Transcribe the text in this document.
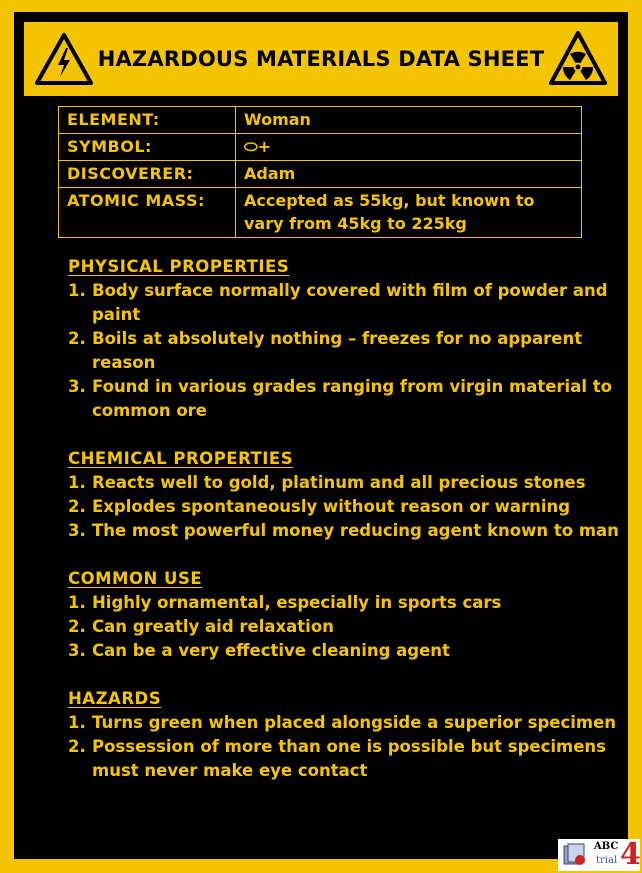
HAZARDOUS MATERIALS DATA SHEET
ELEMENT:	Woman
SYMBOL:	⬭+
DISCOVERER:	Adam
ATOMIC MASS:	Accepted as 55kg, but known to vary from 45kg to 225kg
PHYSICAL PROPERTIES
1. Body surface normally covered with film of powder and paint
2. Boils at absolutely nothing – freezes for no apparent reason
3. Found in various grades ranging from virgin material to common ore
CHEMICAL PROPERTIES
1. Reacts well to gold, platinum and all precious stones
2. Explodes spontaneously without reason or warning
3. The most powerful money reducing agent known to man
COMMON USE
1. Highly ornamental, especially in sports cars
2. Can greatly aid relaxation
3. Can be a very effective cleaning agent
HAZARDS
1. Turns green when placed alongside a superior specimen
2. Possession of more than one is possible but specimens must never make eye contact
ABC
trial 4
